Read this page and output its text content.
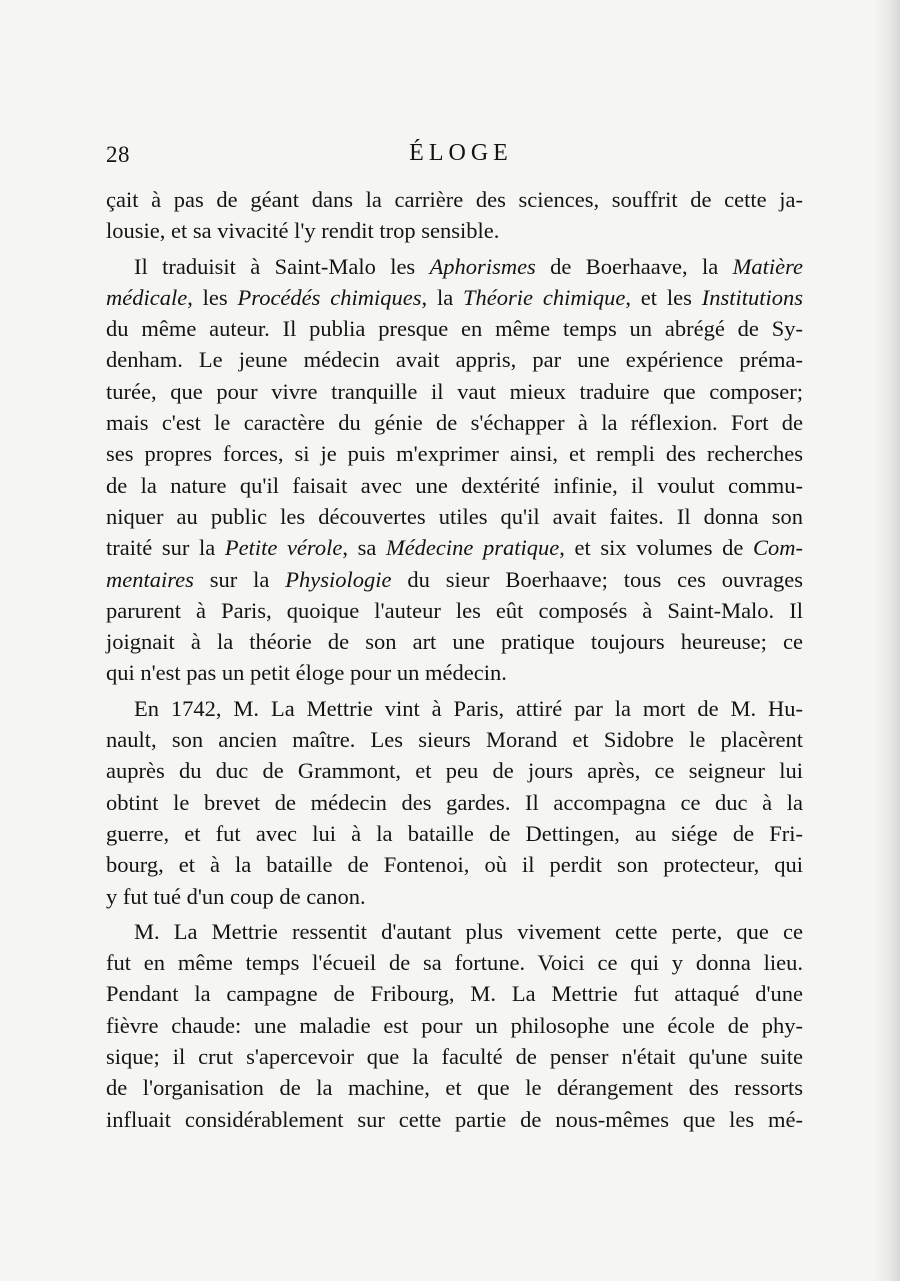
28	ÉLOGE
çait à pas de géant dans la carrière des sciences, souffrit de cette ja-
lousie, et sa vivacité l'y rendit trop sensible.
Il traduisit à Saint-Malo les Aphorismes de Boerhaave, la Matière
médicale, les Procédés chimiques, la Théorie chimique, et les Institutions
du même auteur. Il publia presque en même temps un abrégé de Sy-
denham. Le jeune médecin avait appris, par une expérience préma-
turée, que pour vivre tranquille il vaut mieux traduire que composer;
mais c'est le caractère du génie de s'échapper à la réflexion. Fort de
ses propres forces, si je puis m'exprimer ainsi, et rempli des recherches
de la nature qu'il faisait avec une dextérité infinie, il voulut commu-
niquer au public les découvertes utiles qu'il avait faites. Il donna son
traité sur la Petite vérole, sa Médecine pratique, et six volumes de Com-
mentaires sur la Physiologie du sieur Boerhaave; tous ces ouvrages
parurent à Paris, quoique l'auteur les eût composés à Saint-Malo. Il
joignait à la théorie de son art une pratique toujours heureuse; ce
qui n'est pas un petit éloge pour un médecin.
En 1742, M. La Mettrie vint à Paris, attiré par la mort de M. Hu-
nault, son ancien maître. Les sieurs Morand et Sidobre le placèrent
auprès du duc de Grammont, et peu de jours après, ce seigneur lui
obtint le brevet de médecin des gardes. Il accompagna ce duc à la
guerre, et fut avec lui à la bataille de Dettingen, au siége de Fri-
bourg, et à la bataille de Fontenoi, où il perdit son protecteur, qui
y fut tué d'un coup de canon.
M. La Mettrie ressentit d'autant plus vivement cette perte, que ce
fut en même temps l'écueil de sa fortune. Voici ce qui y donna lieu.
Pendant la campagne de Fribourg, M. La Mettrie fut attaqué d'une
fièvre chaude: une maladie est pour un philosophe une école de phy-
sique; il crut s'apercevoir que la faculté de penser n'était qu'une suite
de l'organisation de la machine, et que le dérangement des ressorts
influait considérablement sur cette partie de nous-mêmes que les mé-
